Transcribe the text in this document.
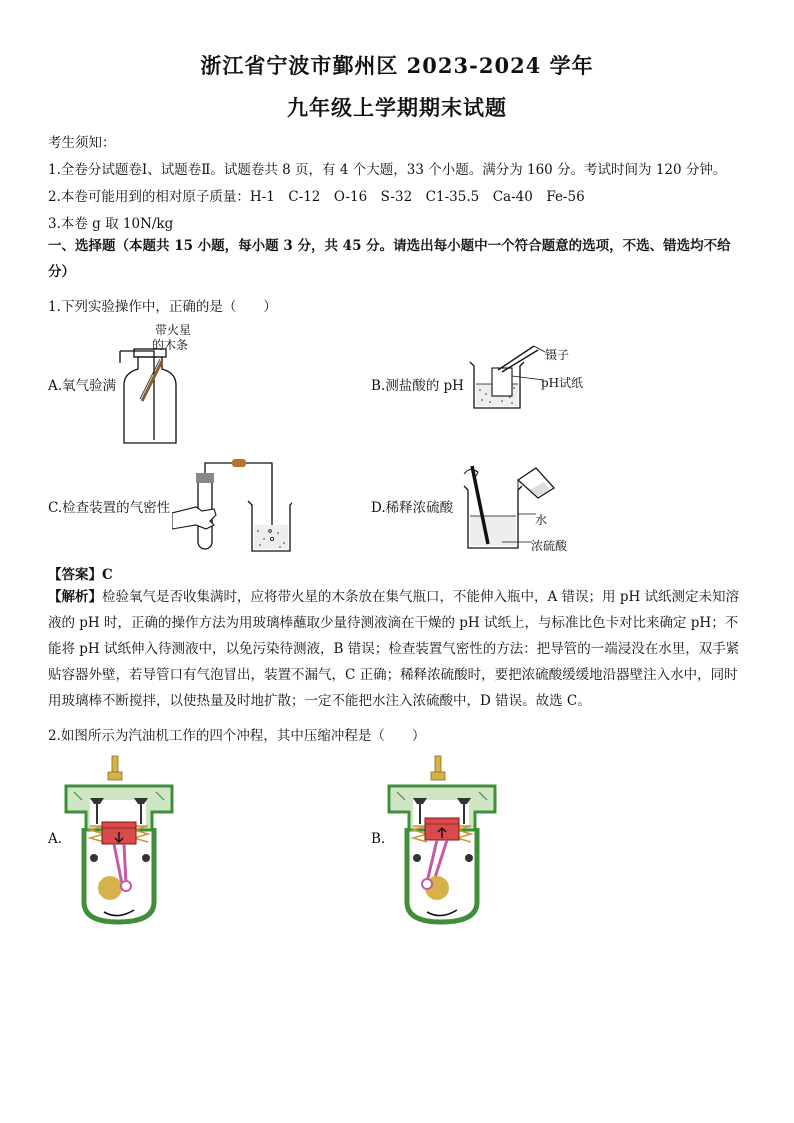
浙江省宁波市鄞州区 2023-2024 学年
九年级上学期期末试题
考生须知：
1.全卷分试题卷Ⅰ、试题卷Ⅱ。试题卷共 8 页，有 4 个大题，33 个小题。满分为 160 分。考试时间为 120 分钟。
2.本卷可能用到的相对原子质量：H-1　C-12　O-16　S-32　C1-35.5　Ca-40　Fe-56
3.本卷 g 取 10N/kg
一、选择题（本题共 15 小题，每小题 3 分，共 45 分。请选出每小题中一个符合题意的选项，不选、错选均不给分）
1.下列实验操作中，正确的是（　　）
A.氧气验满
带火星
的木条
B.测盐酸的 pH
镊子
pH试纸
C.检查装置的气密性	D.稀释浓硫酸
水
浓硫酸
【答案】C
【解析】检验氧气是否收集满时，应将带火星的木条放在集气瓶口，不能伸入瓶中，A 错误；用 pH 试纸测定未知溶液的 pH 时，正确的操作方法为用玻璃棒蘸取少量待测液滴在干燥的 pH 试纸上，与标准比色卡对比来确定 pH；不能将 pH 试纸伸入待测液中，以免污染待测液，B 错误；检查装置气密性的方法：把导管的一端浸没在水里，双手紧贴容器外壁，若导管口有气泡冒出，装置不漏气，C 正确；稀释浓硫酸时，要把浓硫酸缓缓地沿器壁注入水中，同时用玻璃棒不断搅拌，以使热量及时地扩散；一定不能把水注入浓硫酸中，D 错误。故选 C。
2.如图所示为汽油机工作的四个冲程，其中压缩冲程是（　　）
A.	B.
